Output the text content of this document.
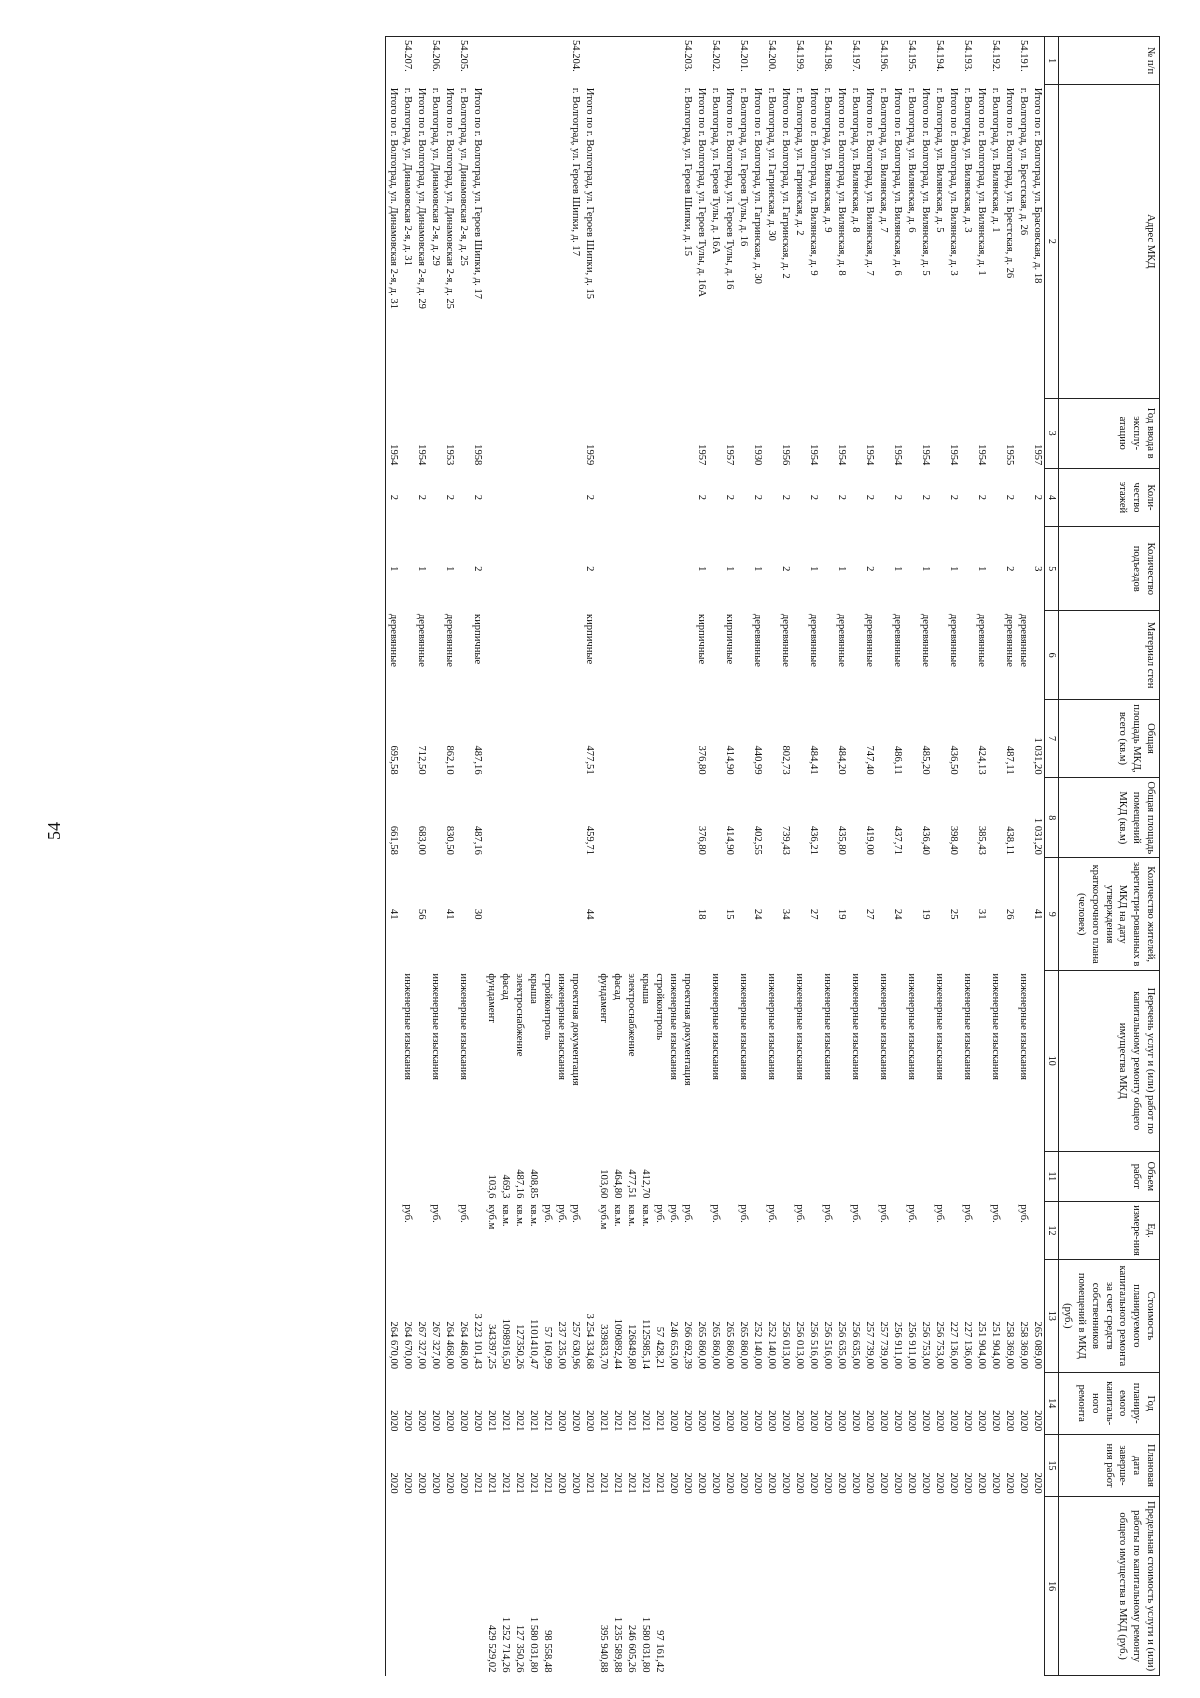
54
№ п/п	Адрес МКД	Год ввода в эксплу-атацию	Коли-чество этажей	Количество подъездов	Материал стен	Общая площадь МКД, всего (кв.м)	Общая площадь помещений МКД (кв.м)	Количество жителей, зарегистри-рованных в МКД на дату утверждения краткосрочного плана (человек)	Перечень услуг и (или) работ по капитальному ремонту общего имущества МКД	Объем работ	Ед. измере-ния	Стоимость планируемого капитального ремонта за счет средств собственников помещений в МКД (руб.)	Год планиру-емого капиталь-ного ремонта	Плановая дата заверше-ния работ	Предельная стоимость услуги и (или) работы по капитальному ремонту общего имущества в МКД (руб.)
1	2	3	4	5	6	7	8	9	10	11	12	13	14	15	16
	Итого по г. Волгоград, ул. Брасовская, д. 18	1957	2	3		1 031,20	1 031,20	41				265 089,00	2020	2020	
54.191.	г. Волгоград, ул. Брестская, д. 26				деревянные				инженерные изыскания		руб.	258 369,00	2020	2020	
	Итого по г. Волгоград, ул. Брестская, д. 26	1955	2	2	деревянные	487,11	438,11	26				258 369,00	2020	2020	
54.192.	г. Волгоград, ул. Вилянская, д. 1								инженерные изыскания		руб.	251 904,00	2020	2020	
	Итого по г. Волгоград, ул. Вилянская, д. 1	1954	2	1	деревянные	424,13	385,43	31				251 904,00	2020	2020	
54.193.	г. Волгоград, ул. Вилянская, д. 3								инженерные изыскания		руб.	227 136,00	2020	2020	
	Итого по г. Волгоград, ул. Вилянская, д. 3	1954	2	1	деревянные	436,50	398,40	25				227 136,00	2020	2020	
54.194.	г. Волгоград, ул. Вилянская, д. 5								инженерные изыскания		руб.	256 753,00	2020	2020	
	Итого по г. Волгоград, ул. Вилянская, д. 5	1954	2	1	деревянные	485,20	436,40	19				256 753,00	2020	2020	
54.195.	г. Волгоград, ул. Вилянская, д. 6								инженерные изыскания		руб.	256 911,00	2020	2020	
	Итого по г. Волгоград, ул. Вилянская, д. 6	1954	2	1	деревянные	486,11	437,71	24				256 911,00	2020	2020	
54.196.	г. Волгоград, ул. Вилянская, д. 7								инженерные изыскания		руб.	257 739,00	2020	2020	
	Итого по г. Волгоград, ул. Вилянская, д. 7	1954	2	2	деревянные	747,40	419,00	27				257 739,00	2020	2020	
54.197.	г. Волгоград, ул. Вилянская, д. 8								инженерные изыскания		руб.	256 635,00	2020	2020	
	Итого по г. Волгоград, ул. Вилянская, д. 8	1954	2	1	деревянные	484,20	435,80	19				256 635,00	2020	2020	
54.198.	г. Волгоград, ул. Вилянская, д. 9								инженерные изыскания		руб.	256 516,00	2020	2020	
	Итого по г. Волгоград, ул. Вилянская, д. 9	1954	2	1	деревянные	484,41	436,21	27				256 516,00	2020	2020	
54.199.	г. Волгоград, ул. Гагринская, д. 2								инженерные изыскания		руб.	256 013,00	2020	2020	
	Итого по г. Волгоград, ул. Гагринская, д. 2	1956	2	2	деревянные	802,73	739,43	34				256 013,00	2020	2020	
54.200.	г. Волгоград, ул. Гагринская, д. 30								инженерные изыскания		руб.	252 140,00	2020	2020	
	Итого по г. Волгоград, ул. Гагринская, д. 30	1930	2	1	деревянные	440,99	402,55	24				252 140,00	2020	2020	
54.201.	г. Волгоград, ул. Героев Тулы, д. 16								инженерные изыскания		руб.	265 860,00	2020	2020	
	Итого по г. Волгоград, ул. Героев Тулы, д. 16	1957	2	1	кирпичные	414,90	414,90	15				265 860,00	2020	2020	
54.202.	г. Волгоград, ул. Героев Тулы, д. 16А								инженерные изыскания		руб.	265 860,00	2020	2020	
	Итого по г. Волгоград, ул. Героев Тулы, д. 16А	1957	2	1	кирпичные	376,80	376,80	18				265 860,00	2020	2020	
54.203.	г. Волгоград, ул. Героев Шипки, д. 15								проектная документация		руб.	266 692,39	2020	2020	
									инженерные изыскания		руб.	246 653,00	2020	2020	
									стройконтроль		руб.	57 428,21	2021	2021	97 161,42
									крыша	412,70	кв.м.	1125985,14	2021	2021	1 580 031,80
									электроснабжение	477,51	кв.м.	126849,80	2021	2021	246 605,26
									фасад	464,80	кв.м.	1090892,44	2021	2021	1 235 589,88
									фундамент	103,60	куб.м	339833,70	2021	2021	395 940,88
	Итого по г. Волгоград, ул. Героев Шипки, д. 15	1959	2	2	кирпичные	477,51	459,71	44				3 254 334,68	2020	2021	
54.204.	г. Волгоград, ул. Героев Шипки, д. 17								проектная документация		руб.	257 630,96	2020	2020	
									инженерные изыскания		руб.	237 235,00	2020	2020	
									стройконтроль		руб.	57 160,99	2021	2021	98 558,48
									крыша	408,85	кв.м.	1101410,47	2021	2021	1 580 031,80
									электроснабжение	487,16	кв.м.	127350,26	2021	2021	127 350,26
									фасад	469,3	кв.м.	1098916,50	2021	2021	1 252 714,26
									фундамент	103,6	куб.м	343397,25	2021	2021	429 529,02
	Итого по г. Волгоград, ул. Героев Шипки, д. 17	1958	2	2	кирпичные	487,16	487,16	30				3 223 101,43	2020	2021	
54.205.	г. Волгоград, ул. Динамовская 2-я, д. 25								инженерные изыскания		руб.	264 468,00	2020	2020	
	Итого по г. Волгоград, ул. Динамовская 2-я, д. 25	1953	2	1	деревянные	862,10	830,50	41				264 468,00	2020	2020	
54.206.	г. Волгоград, ул. Динамовская 2-я, д. 29								инженерные изыскания		руб.	267 327,00	2020	2020	
	Итого по г. Волгоград, ул. Динамовская 2-я, д. 29	1954	2	1	деревянные	712,50	683,00	56				267 327,00	2020	2020	
54.207.	г. Волгоград, ул. Динамовская 2-я, д. 31								инженерные изыскания		руб.	264 670,00	2020	2020	
	Итого по г. Волгоград, ул. Динамовская 2-я, д. 31	1954	2	1	деревянные	695,58	661,58	41				264 670,00	2020	2020	
